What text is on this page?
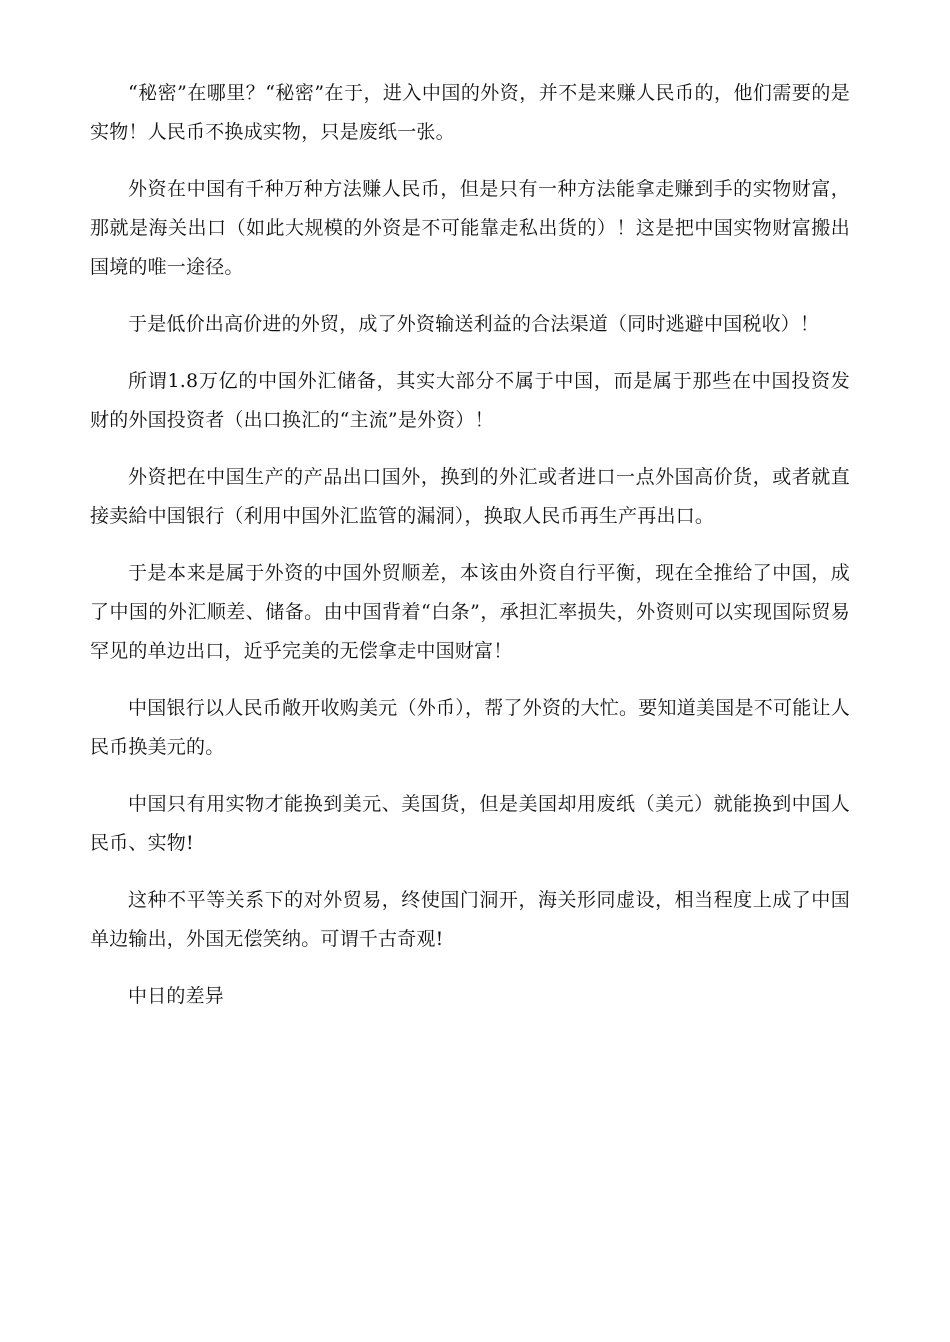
“秘密”在哪里？“秘密”在于，进入中国的外资，并不是来赚人民币的，他们需要的是实物！人民币不换成实物，只是废纸一张。

外资在中国有千种万种方法赚人民币，但是只有一种方法能拿走赚到手的实物财富，那就是海关出口（如此大规模的外资是不可能靠走私出货的）！这是把中国实物财富搬出国境的唯一途径。

于是低价出高价进的外贸，成了外资输送利益的合法渠道（同时逃避中国税收）！

所谓1.8万亿的中国外汇储备，其实大部分不属于中国，而是属于那些在中国投资发财的外国投资者（出口换汇的“主流”是外资）！

外资把在中国生产的产品出口国外，换到的外汇或者进口一点外国高价货，或者就直接卖給中国银行（利用中国外汇监管的漏洞），换取人民币再生产再出口。

于是本来是属于外资的中国外贸顺差，本该由外资自行平衡，现在全推给了中国，成了中国的外汇顺差、储备。由中国背着“白条”，承担汇率损失，外资则可以实现国际贸易罕见的单边出口，近乎完美的无偿拿走中国财富！

中国银行以人民币敞开收购美元（外币），帮了外资的大忙。要知道美国是不可能让人民币换美元的。

中国只有用实物才能换到美元、美国货，但是美国却用废纸（美元）就能换到中国人民币、实物!

这种不平等关系下的对外贸易，终使国门洞开，海关形同虚设，相当程度上成了中国单边输出，外国无偿笑纳。可谓千古奇观!

中日的差异
